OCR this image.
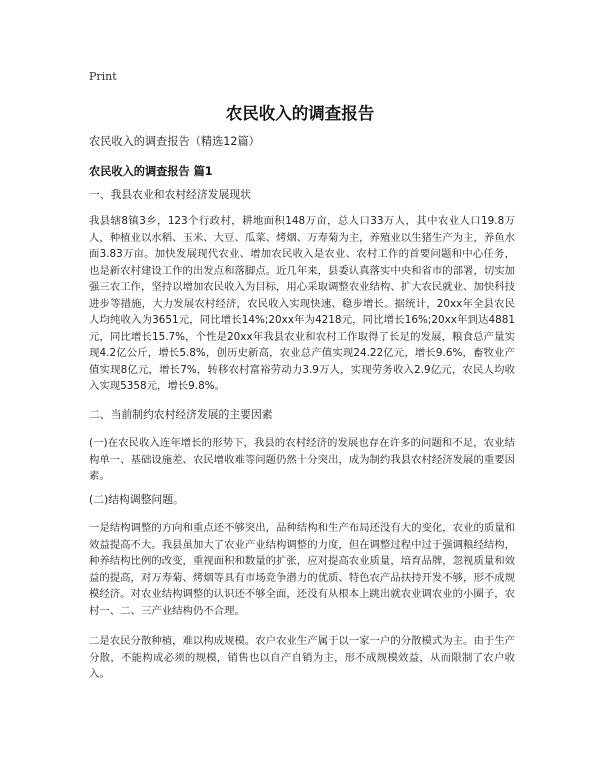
Print
农民收入的调查报告
农民收入的调查报告（精选12篇）
农民收入的调查报告 篇1

一、我县农业和农村经济发展现状

我县辖8镇3乡，123个行政村，耕地面积148万亩，总人口33万人，其中农业人口19.8万人，种植业以水稻、玉米、大豆、瓜菜、烤烟、万寿菊为主，养殖业以生猪生产为主，养鱼水面3.83万亩。加快发展现代农业、增加农民收入是农业、农村工作的首要问题和中心任务，也是新农村建设工作的出发点和落脚点。近几年来，县委认真落实中央和省市的部署，切实加强三农工作，坚持以增加农民收入为目标，用心采取调整农业结构、扩大农民就业、加快科技进步等措施，大力发展农村经济，农民收入实现快速、稳步增长。据统计，20xx年全县农民人均纯收入为3651元，同比增长14%;20xx年为4218元，同比增长16%;20xx年到达4881元，同比增长15.7%，个性是20xx年我县农业和农村工作取得了长足的发展，粮食总产量实现4.2亿公斤，增长5.8%，创历史新高，农业总产值实现24.22亿元，增长9.6%，畜牧业产值实现8亿元，增长7%，转移农村富裕劳动力3.9万人，实现劳务收入2.9亿元，农民人均收入实现5358元，增长9.8%。

二、当前制约农村经济发展的主要因素

(一)在农民收入连年增长的形势下，我县的农村经济的发展也存在许多的问题和不足，农业结构单一、基础设施差、农民增收难等问题仍然十分突出，成为制约我县农村经济发展的重要因素。

(二)结构调整问题。

一是结构调整的方向和重点还不够突出，品种结构和生产布局还没有大的变化，农业的质量和效益提高不大。我县虽加大了农业产业结构调整的力度，但在调整过程中过于强调粮经结构，种养结构比例的改变，重视面积和数量的扩张，应对提高农业质量，培育品牌，忽视质量和效益的提高，对万寿菊、烤烟等具有市场竞争潜力的优质、特色农产品扶持开发不够，形不成规模经济。对农业结构调整的认识还不够全面，还没有从根本上跳出就农业调农业的小圈子，农村一、二、三产业结构仍不合理。

二是农民分散种植，难以构成规模。农户农业生产属于以一家一户的分散模式为主。由于生产分散，不能构成必须的规模，销售也以自产自销为主，形不成规模效益，从而限制了农户收入。
